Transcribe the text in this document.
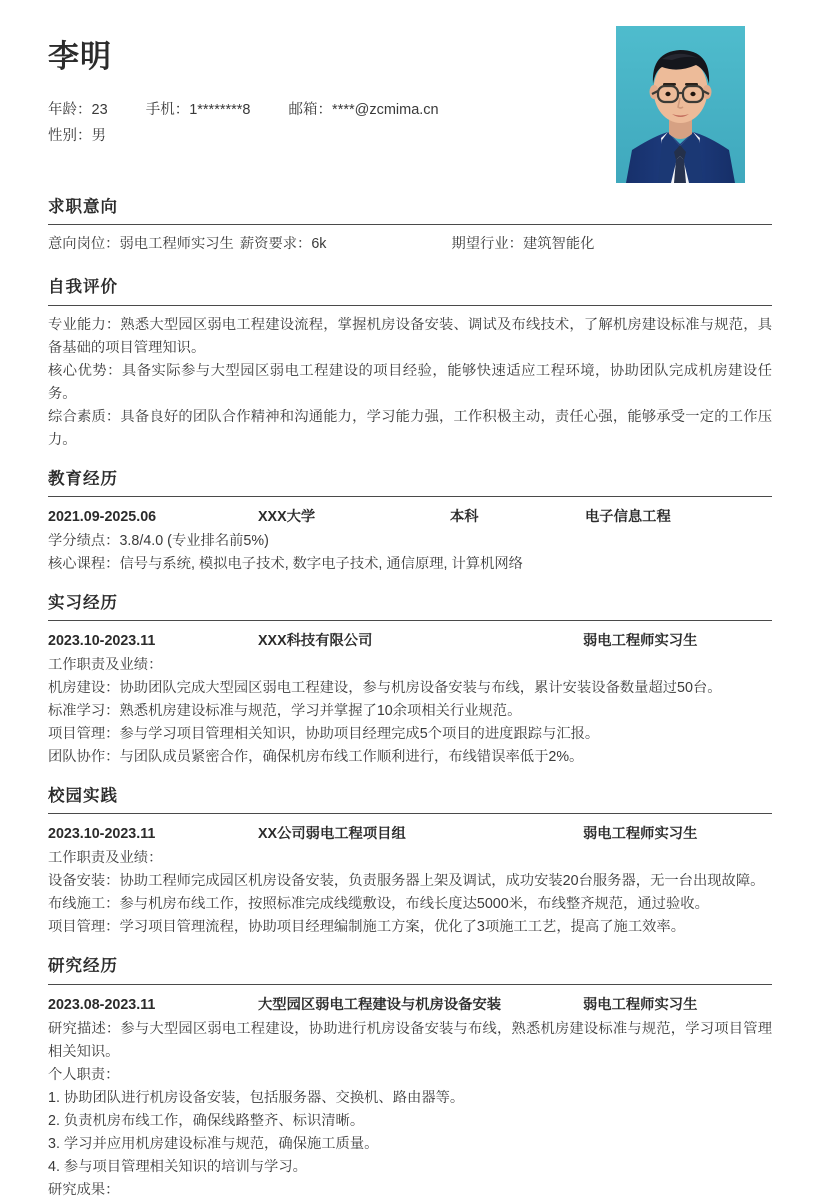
李明
年龄：23	手机：1********8	邮箱：****@zcmima.cn
性别：男
求职意向
意向岗位：弱电工程师实习生 薪资要求：6k	期望行业：建筑智能化
自我评价
专业能力：熟悉大型园区弱电工程建设流程，掌握机房设备安装、调试及布线技术，了解机房建设标准与规范，具备基础的项目管理知识。
核心优势：具备实际参与大型园区弱电工程建设的项目经验，能够快速适应工程环境，协助团队完成机房建设任务。
综合素质：具备良好的团队合作精神和沟通能力，学习能力强，工作积极主动，责任心强，能够承受一定的工作压力。
教育经历
2021.09-2025.06	XXX大学	本科	电子信息工程
学分绩点：3.8/4.0 (专业排名前5%)
核心课程：信号与系统, 模拟电子技术, 数字电子技术, 通信原理, 计算机网络
实习经历
2023.10-2023.11	XXX科技有限公司	弱电工程师实习生
工作职责及业绩：
机房建设：协助团队完成大型园区弱电工程建设，参与机房设备安装与布线，累计安装设备数量超过50台。
标准学习：熟悉机房建设标准与规范，学习并掌握了10余项相关行业规范。
项目管理：参与学习项目管理相关知识，协助项目经理完成5个项目的进度跟踪与汇报。
团队协作：与团队成员紧密合作，确保机房布线工作顺利进行，布线错误率低于2%。
校园实践
2023.10-2023.11	XX公司弱电工程项目组	弱电工程师实习生
工作职责及业绩：
设备安装：协助工程师完成园区机房设备安装，负责服务器上架及调试，成功安装20台服务器，无一台出现故障。
布线施工：参与机房布线工作，按照标准完成线缆敷设，布线长度达5000米，布线整齐规范，通过验收。
项目管理：学习项目管理流程，协助项目经理编制施工方案，优化了3项施工工艺，提高了施工效率。
研究经历
2023.08-2023.11	大型园区弱电工程建设与机房设备安装	弱电工程师实习生
研究描述：参与大型园区弱电工程建设，协助进行机房设备安装与布线，熟悉机房建设标准与规范，学习项目管理相关知识。
个人职责：
1. 协助团队进行机房设备安装，包括服务器、交换机、路由器等。
2. 负责机房布线工作，确保线路整齐、标识清晰。
3. 学习并应用机房建设标准与规范，确保施工质量。
4. 参与项目管理相关知识的培训与学习。
研究成果：
